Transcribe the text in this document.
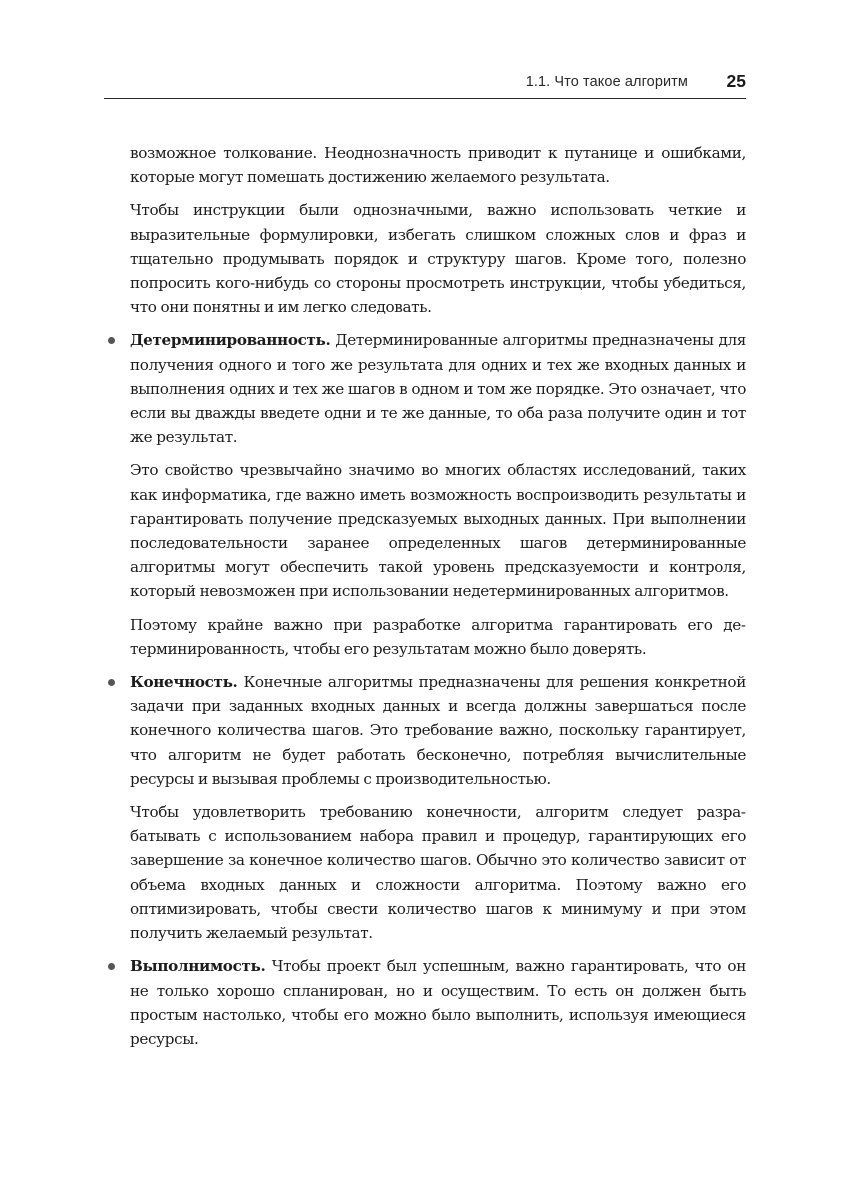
1.1. Что такое алгоритм 25

возможное толкование. Неоднозначность приводит к путанице и ошибками, которые могут помешать достижению желаемого результата.

Чтобы инструкции были однозначными, важно использовать четкие и выразительные формулировки, избегать слишком сложных слов и фраз и тщательно продумывать порядок и структуру шагов. Кроме того, полезно попросить кого-нибудь со стороны просмотреть инструкции, чтобы убедиться, что они понятны и им легко следовать.

Детерминированность. Детерминированные алгоритмы предназначены для получения одного и того же результата для одних и тех же входных данных и выполнения одних и тех же шагов в одном и том же порядке. Это означает, что если вы дважды введете одни и те же данные, то оба раза получите один и тот же результат.

Это свойство чрезвычайно значимо во многих областях исследований, таких как информатика, где важно иметь возможность воспроизводить результаты и гарантировать получение предсказуемых выходных данных. При выполнении последовательности заранее определенных шагов детерминированные алгоритмы могут обеспечить такой уровень предсказуемости и контроля, который невозможен при использовании недетерминированных алгоритмов.

Поэтому крайне важно при разработке алгоритма гарантировать его детерминированность, чтобы его результатам можно было доверять.

Конечность. Конечные алгоритмы предназначены для решения конкретной задачи при заданных входных данных и всегда должны завершаться после конечного количества шагов. Это требование важно, поскольку гарантирует, что алгоритм не будет работать бесконечно, потребляя вычислительные ресурсы и вызывая проблемы с производительностью.

Чтобы удовлетворить требованию конечности, алгоритм следует разрабатывать с использованием набора правил и процедур, гарантирующих его завершение за конечное количество шагов. Обычно это количество зависит от объема входных данных и сложности алгоритма. Поэтому важно его оптимизировать, чтобы свести количество шагов к минимуму и при этом получить желаемый результат.

Выполнимость. Чтобы проект был успешным, важно гарантировать, что он не только хорошо спланирован, но и осуществим. То есть он должен быть простым настолько, чтобы его можно было выполнить, используя имеющиеся ресурсы.
